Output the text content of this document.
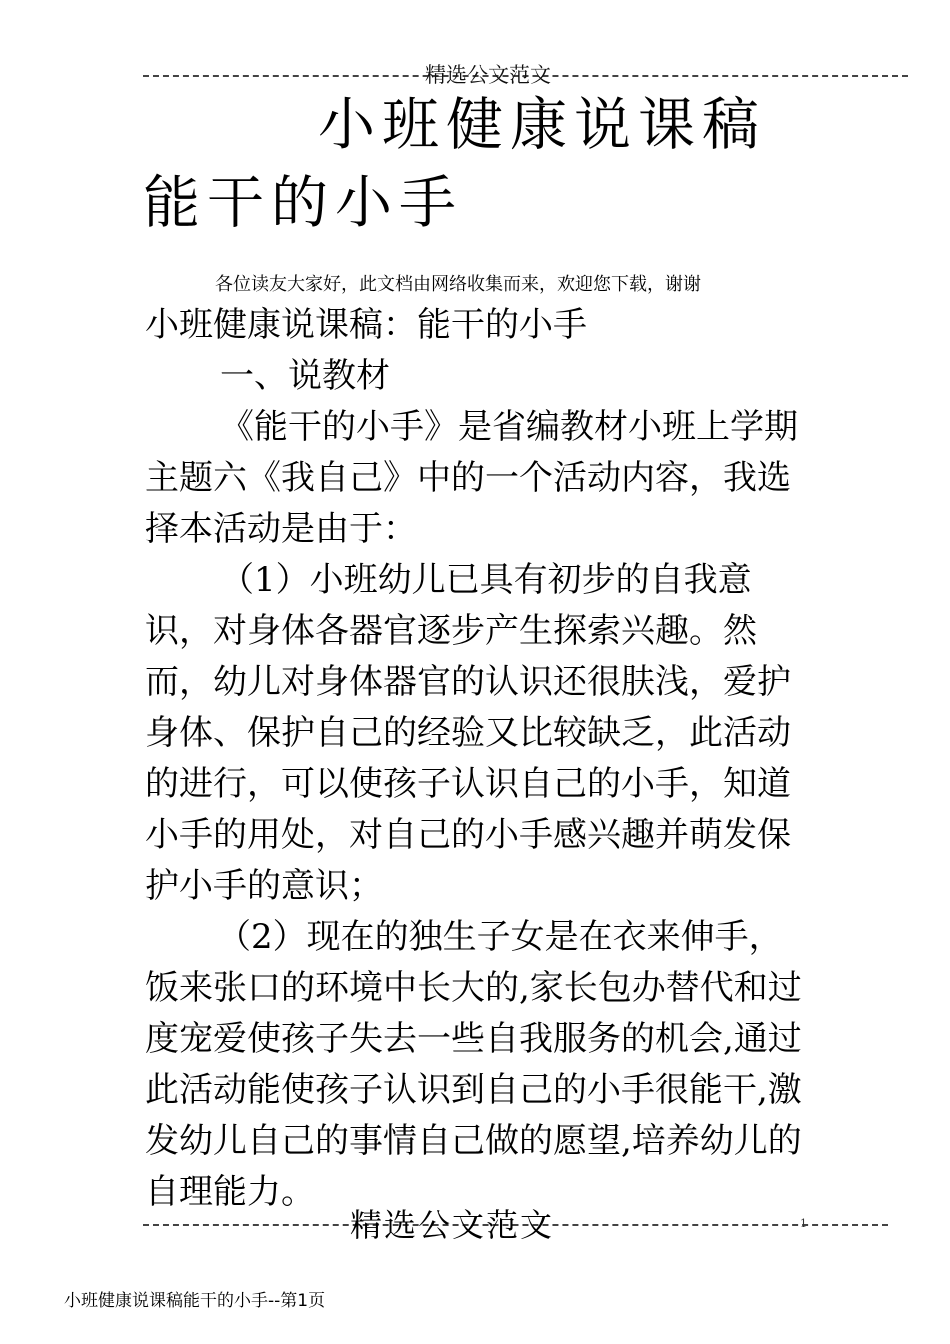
精选公文范文
小班健康说课稿能干的小手
各位读友大家好，此文档由网络收集而来，欢迎您下载，谢谢

小班健康说课稿：能干的小手

一、说教材

《能干的小手》是省编教材小班上学期主题六《我自己》中的一个活动内容，我选择本活动是由于：

（1）小班幼儿已具有初步的自我意识，对身体各器官逐步产生探索兴趣。然而，幼儿对身体器官的认识还很肤浅，爱护身体、保护自己的经验又比较缺乏，此活动的进行，可以使孩子认识自己的小手，知道小手的用处，对自己的小手感兴趣并萌发保护小手的意识；

（2）现在的独生子女是在衣来伸手，饭来张口的环境中长大的,家长包办替代和过度宠爱使孩子失去一些自我服务的机会,通过此活动能使孩子认识到自己的小手很能干,激发幼儿自己的事情自己做的愿望,培养幼儿的自理能力。

精选公文范文	1
小班健康说课稿能干的小手--第1页
